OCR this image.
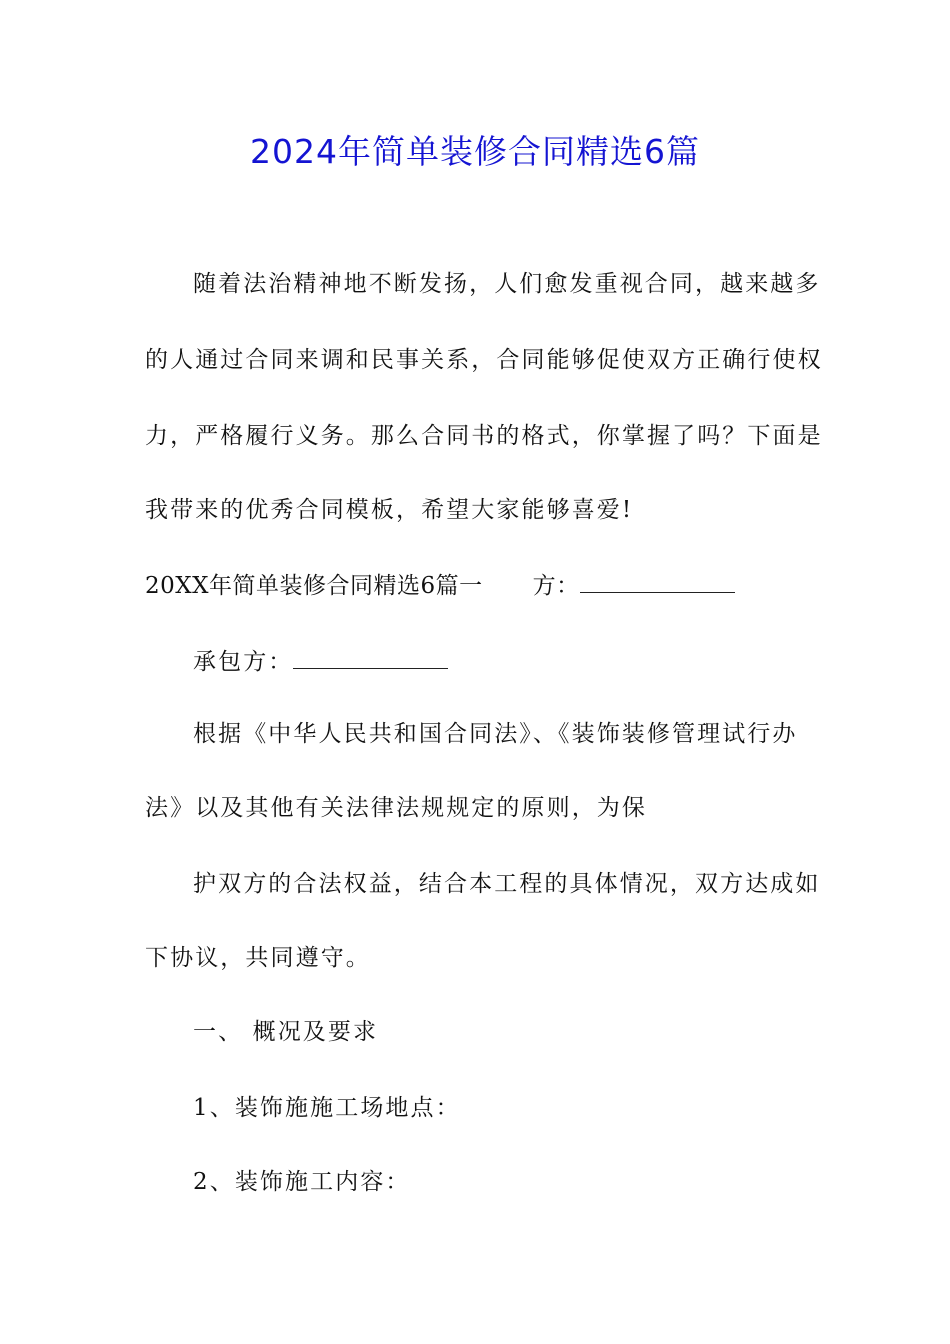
2024年简单装修合同精选6篇
随着法治精神地不断发扬，人们愈发重视合同，越来越多
的人通过合同来调和民事关系，合同能够促使双方正确行使权
力，严格履行义务。那么合同书的格式，你掌握了吗？下面是
我带来的优秀合同模板，希望大家能够喜爱!
20XX年简单装修合同精选6篇一 方：
承包方：
根据《中华人民共和国合同法》、《装饰装修管理试行办
法》以及其他有关法律法规规定的原则，为保
护双方的合法权益，结合本工程的具体情况，双方达成如
下协议，共同遵守。
一、 概况及要求
1、装饰施施工场地点：
2、装饰施工内容：
